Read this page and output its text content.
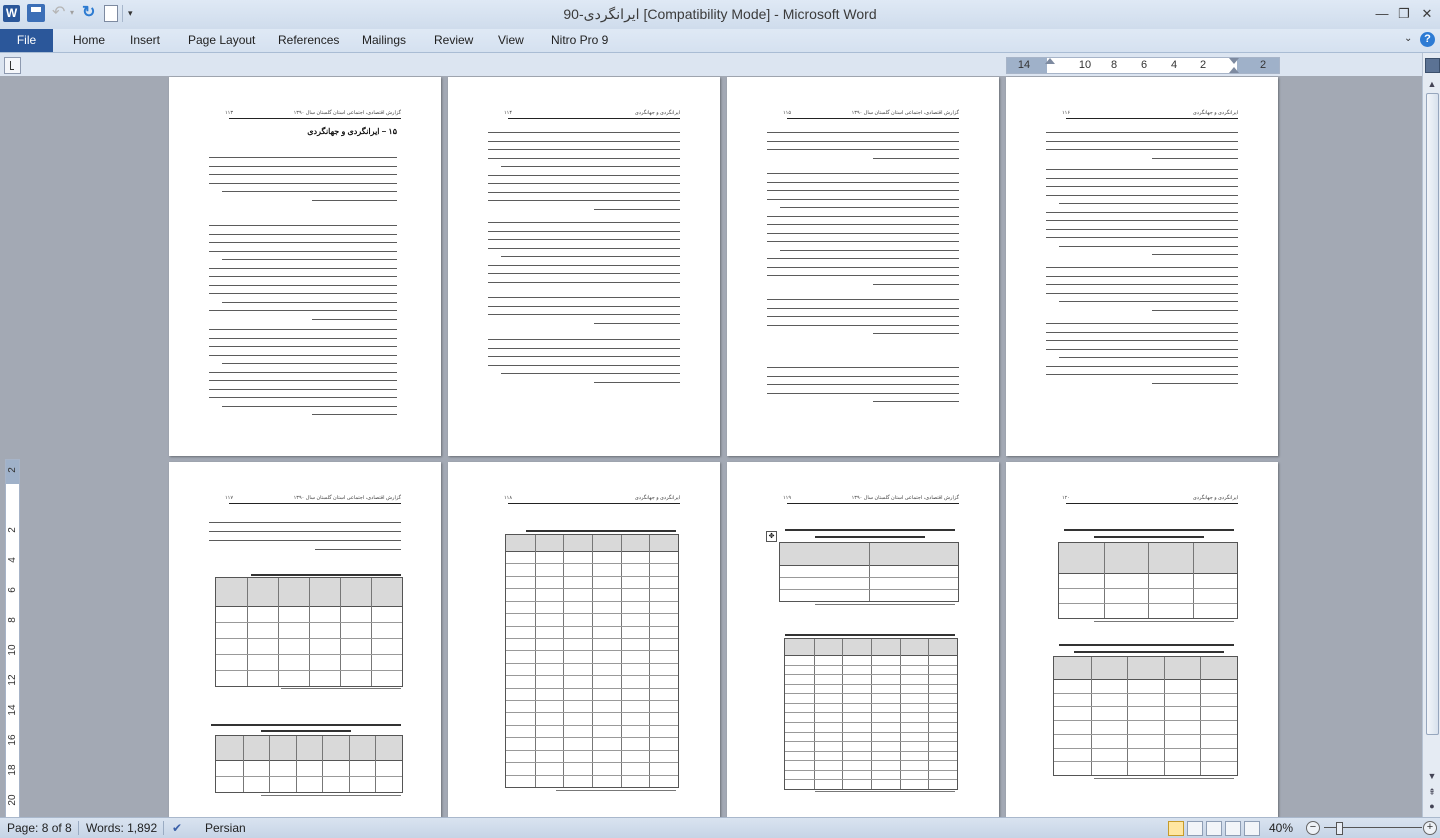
W ↶ ▾ ↻	▾	ایرانگردی-90 [Compatibility Mode] - Microsoft Word	— ❐ ✕
File	Home Insert Page Layout References Mailings Review View Nitro Pro 9	⌄	?
14	10 8 6 4 2	2
2
2
4
6
8
10
12
14
16
18
20
▲
▼
⇞
●
۱۱۳	گزارش اقتصادی، اجتماعی استان گلستان سال ۱۳۹۰
۱۵ – ایرانگردی و جهانگردی
۱۱۴	ایرانگردی و جهانگردی	۱۱۵	گزارش اقتصادی، اجتماعی استان گلستان سال ۱۳۹۰	۱۱۶	ایرانگردی و جهانگردی
۱۱۷	گزارش اقتصادی، اجتماعی استان گلستان سال ۱۳۹۰	۱۱۸	ایرانگردی و جهانگردی	۱۱۹	گزارش اقتصادی، اجتماعی استان گلستان سال ۱۳۹۰
✥
۱۲۰	ایرانگردی و جهانگردی
Page: 8 of 8 Words: 1,892 ✔ Persian	40%	−	+
